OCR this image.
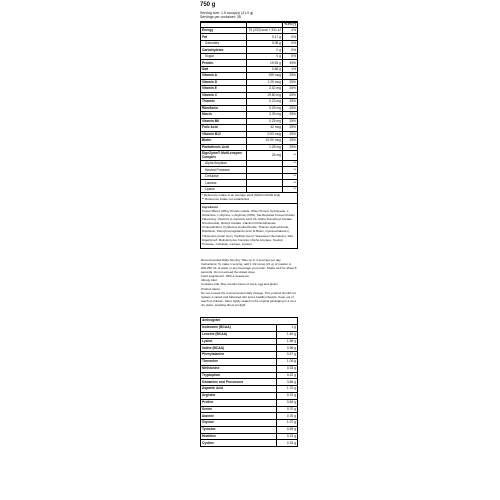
750 g
Serving size: 1.5 scoop(s) (21.0 g)
Servings per container: 35
		% RI (*)
Energy	79 (333) kcal + 331 kJ	4%
Fat	0.17 g	0%
Saturates	0.08 g	0%
Carbohydrate	0 g	0%
Sugar	0 g	0%
Protein	19.53 g	39%
Salt	0.68 g	1%
Vitamin A	199 mcg	25%
Vitamin D	1.25 mcg	25%
Vitamin E	3.02 mg	25%
Vitamin C	19.80 mg	25%
Thiamin	0.23 mg	25%
Riboflavin	0.29 mg	25%
Niacin	3.39 mg	25%
Vitamin B6	0.29 mg	25%
Folic Acid	42 mcg	25%
Vitamin B12	0.53 mcg	25%
Biotin	10.00 mcg	25%
Pantothenic Acid	1.28 mg	25%
DigeZyme® Multi-enzyme Complex	25 mg	**
Alpha Amylase		**
Neutral Protease		**
Cellulase		**
Lactase		**
Lipase		**
* Reference intake of an average adult (8400 kJ/2000 kcal)
** Reference intake not established.
Ingredients
Protein Blend (Whey Protein isolate, Whey Protein hydrolysate, L-Glutamine, L-Glycine, L-Arginine) (93%), Fat-Reduced Cocoa Powder, Flavouring, Vitamins (L-Ascorbic Acid, DL-Alpha Tocopheryl Acetate, Nicotinamide, Retinyl Acetate, Calcium D-Pantothenate, Cholecalciferol, Pyridoxine Hydrochloride, Thiamin Hydrochloride, Riboflavin, Pteroylmonoglutamic Acid, D-Biotin, Cyanocobalamin), Thickeners (Guar Gum, Xanthan Gum), Sweetener (Sucralose), Salt, DigeZyme® Multi-Enzyme Complex (Alpha Amylase, Neutral Protease, Cellulase, Lactase, Lipase).
Recommended Daily Serving: Take up to 3 servings per day. Instructions: To make 1 serving, add 1 1/2 scoop (21 g) of powder to 200-250 mL of water or any beverage you prefer. Shake well for about 8 seconds. Do not exceed the stated dose.
Food supplement. With a sweetener.
Allergy Alert:
Contains milk. May contain traces of soya, egg and gluten.
Product Alerts:
Do not exceed the recommended daily dosage. This product should not replace a varied and balanced diet and a healthy lifestyle. Keep out of reach of children. Store tightly sealed in the original packaging in a cool, dry place, avoiding direct sunlight.
Aminogram	
Isoleucine (BCAA)	1 g
Leucine (BCAA)	1.84 g
Lysine	1.66 g
Valine (BCAA)	0.96 g
Phenylalanine	0.47 g
Threonine	1.04 g
Methionine	0.33 g
Tryptophan	0.22 g
Glutamine and Precursors	3.86 g
Aspartic Acid	1.70 g
Arginine	0.70 g
Proline	0.84 g
Serine	0.70 g
Alanine	0.76 g
Glycine	1.07 g
Tyrosine	0.45 g
Histidine	0.23 g
Cystine	0.33 g
